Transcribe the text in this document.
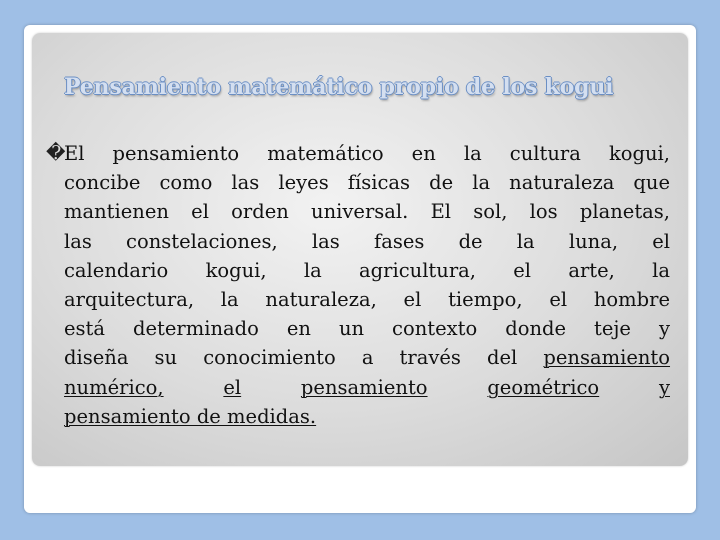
Pensamiento matemático propio de los kogui
�
El pensamiento matemático en la cultura kogui,
concibe como las leyes físicas de la naturaleza que
mantienen el orden universal. El sol, los planetas,
las constelaciones, las fases de la luna, el
calendario kogui, la agricultura, el arte, la
arquitectura, la naturaleza, el tiempo, el hombre
está determinado en un contexto donde teje y
diseña su conocimiento a través del pensamiento
numérico,	el	pensamiento	geométrico	y
pensamiento de medidas.
